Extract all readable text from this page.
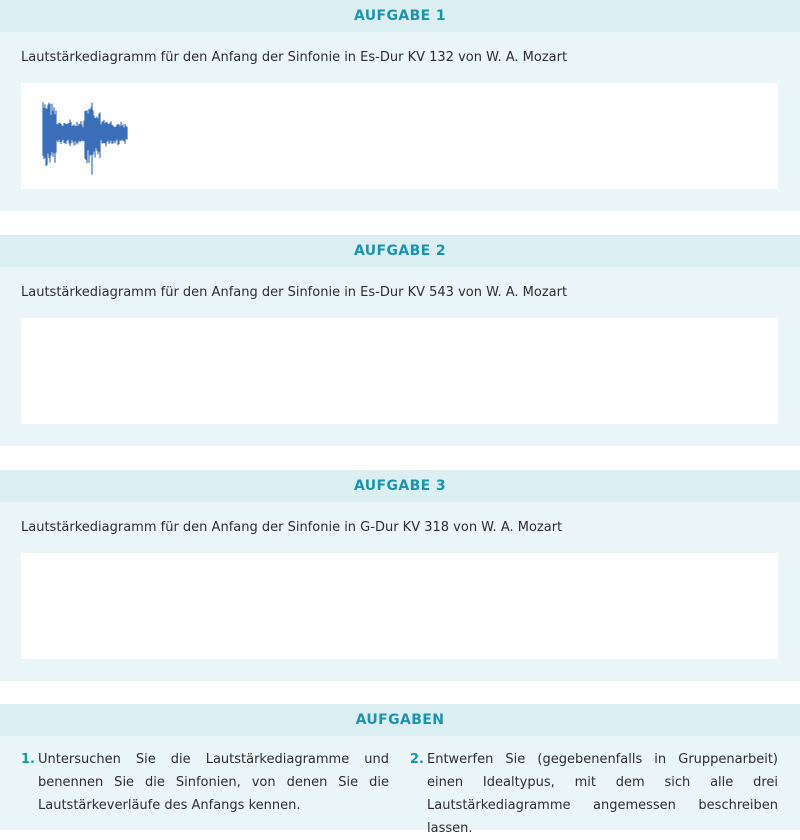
AUFGABE 1
Lautstärkediagramm für den Anfang der Sinfonie in Es-Dur KV 132 von W. A. Mozart
AUFGABE 2
Lautstärkediagramm für den Anfang der Sinfonie in Es-Dur KV 543 von W. A. Mozart
AUFGABE 3
Lautstärkediagramm für den Anfang der Sinfonie in G-Dur KV 318 von W. A. Mozart
AUFGABEN
1. Untersuchen Sie die Lautstärkediagramme und benennen Sie die Sinfonien, von denen Sie die Lautstärkeverläufe des Anfangs kennen.
2. Entwerfen Sie (gegebenenfalls in Gruppenarbeit) einen Idealtypus, mit dem sich alle drei Lautstärkediagramme angemessen beschreiben lassen.
